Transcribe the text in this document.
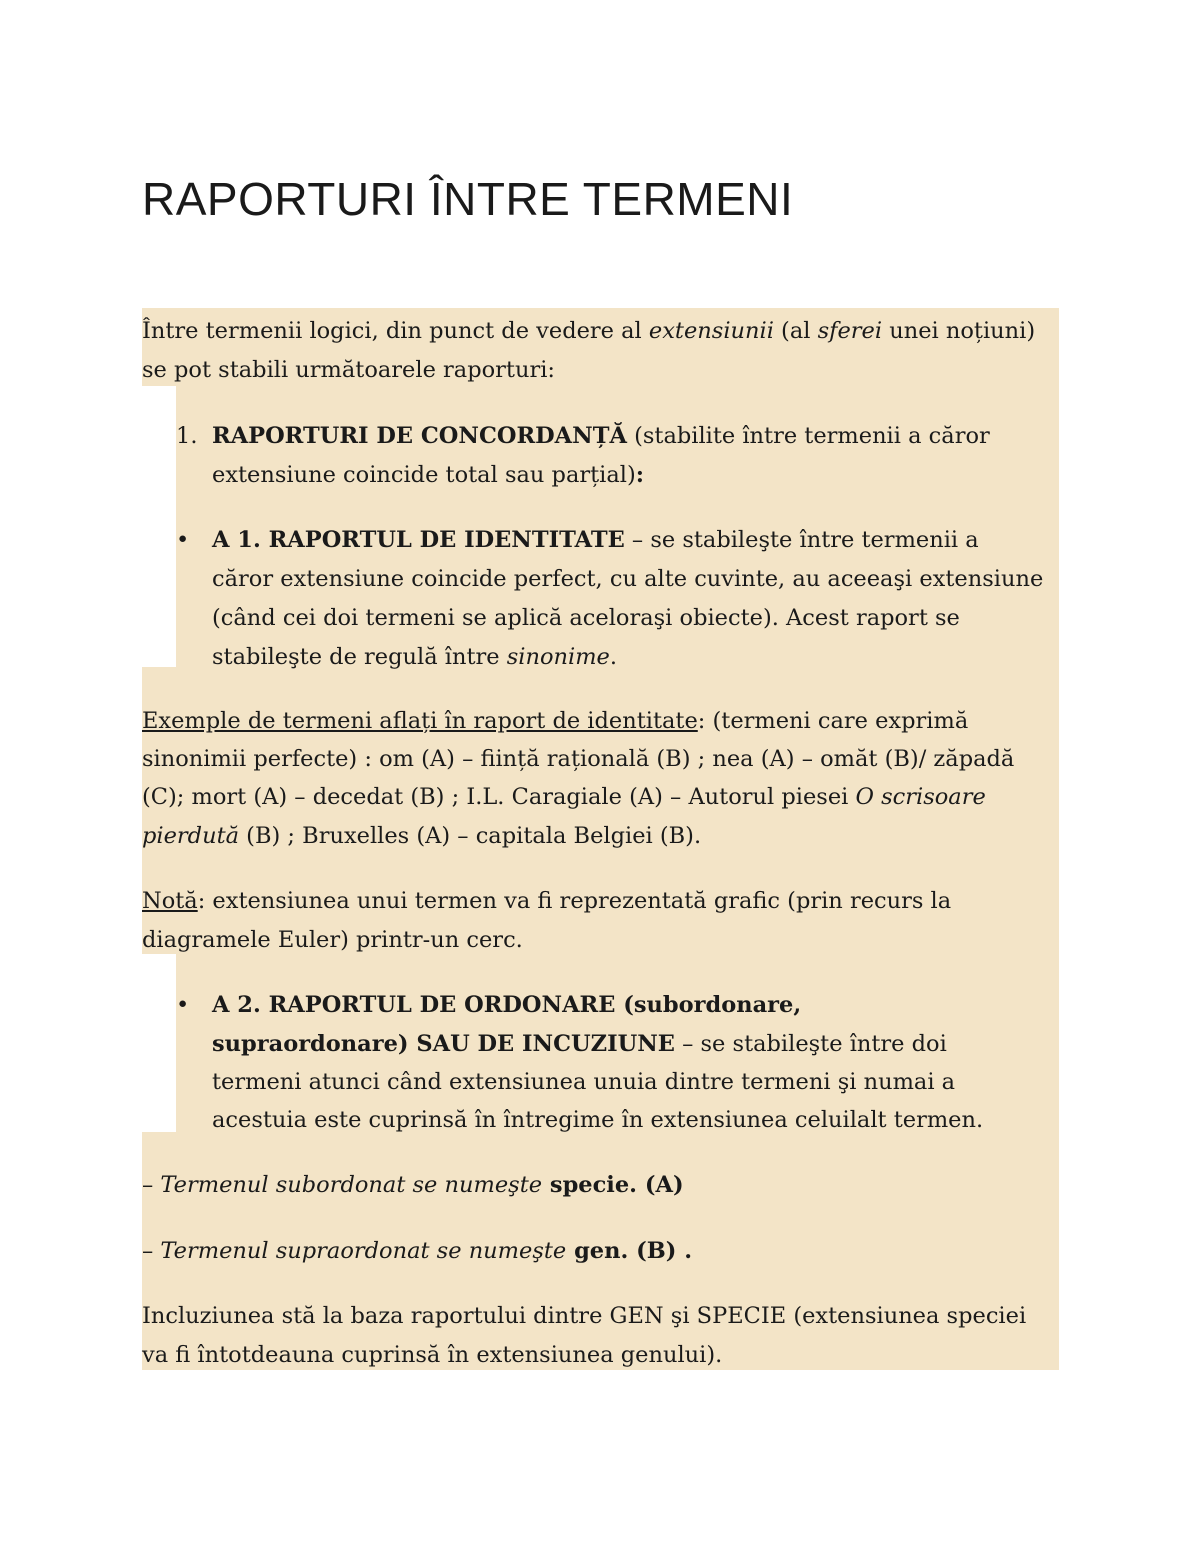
RAPORTURI ÎNTRE TERMENI
Între termenii logici, din punct de vedere al extensiunii (al sferei unei noțiuni)
se pot stabili următoarele raporturi:
1. RAPORTURI DE CONCORDANȚĂ (stabilite între termenii a căror
extensiune coincide total sau parțial):
• A 1. RAPORTUL DE IDENTITATE – se stabileşte între termenii a
căror extensiune coincide perfect, cu alte cuvinte, au aceeaşi extensiune
(când cei doi termeni se aplică aceloraşi obiecte). Acest raport se
stabileşte de regulă între sinonime.
Exemple de termeni aflați în raport de identitate: (termeni care exprimă
sinonimii perfecte) : om (A) – ființă rațională (B) ; nea (A) – omăt (B)/ zăpadă
(C); mort (A) – decedat (B) ; I.L. Caragiale (A) – Autorul piesei O scrisoare
pierdută (B) ; Bruxelles (A) – capitala Belgiei (B).
Notă: extensiunea unui termen va fi reprezentată grafic (prin recurs la
diagramele Euler) printr-un cerc.
• A 2. RAPORTUL DE ORDONARE (subordonare,
supraordonare) SAU DE INCUZIUNE – se stabileşte între doi
termeni atunci când extensiunea unuia dintre termeni şi numai a
acestuia este cuprinsă în întregime în extensiunea celuilalt termen.
– Termenul subordonat se numeşte specie. (A)
– Termenul supraordonat se numeşte gen. (B) .
Incluziunea stă la baza raportului dintre GEN şi SPECIE (extensiunea speciei
va fi întotdeauna cuprinsă în extensiunea genului).
